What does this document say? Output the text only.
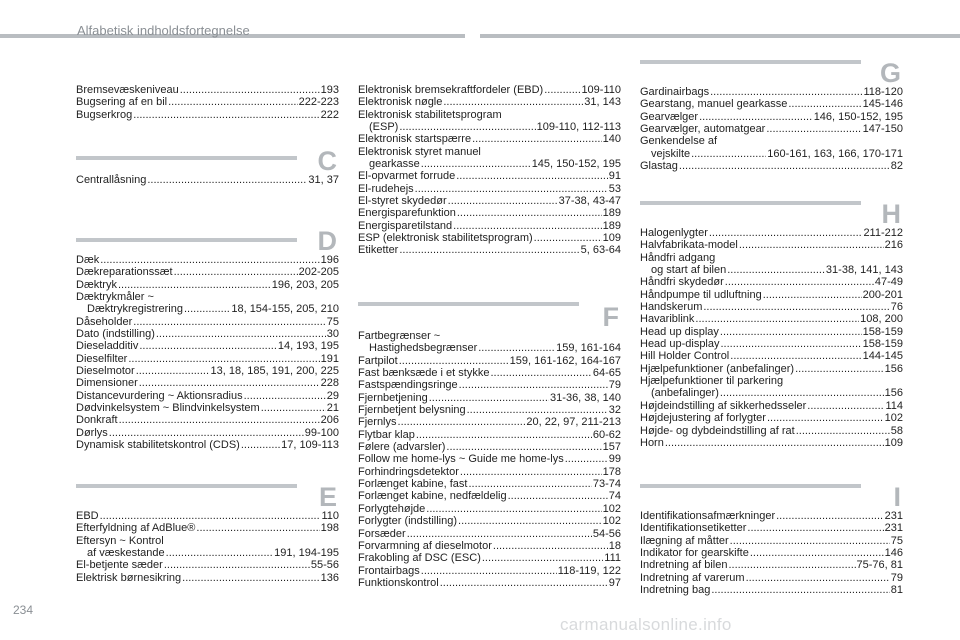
Alfabetisk indholdsfortegnelse
Bremsevæskeniveau .....	193
Bugsering af en bil .....	222-223
Bugserkrog .....	222
C
Centrallåsning .....	31, 37
D
Dæk .....	196
Dækreparationssæt .....	202-205
Dæktryk .....	196, 203, 205
Dæktrykmåler ~
Dæktrykregistrering .....	18, 154-155, 205, 210
Dåseholder .....	75
Dato (indstilling) .....	30
Dieseladditiv .....	14, 193, 195
Dieselfilter .....	191
Dieselmotor .....	13, 18, 185, 191, 200, 225
Dimensioner .....	228
Distancevurdering ~ Aktionsradius .....	29
Dødvinkelsystem ~ Blindvinkelsystem .....	21
Donkraft .....	206
Dørlys .....	99-100
Dynamisk stabilitetskontrol (CDS) .....	17, 109-113
E
EBD .....	110
Efterfyldning af AdBlue® .....	198
Eftersyn ~ Kontrol
af væskestande .....	191, 194-195
El-betjente sæder .....	55-56
Elektrisk børnesikring .....	136
Elektronisk bremsekraftfordeler (EBD) .....	109-110
Elektronisk nøgle .....	31, 143
Elektronisk stabilitetsprogram
(ESP) .....	109-110, 112-113
Elektronisk startspærre .....	140
Elektronisk styret manuel
gearkasse .....	145, 150-152, 195
El-opvarmet forrude .....	91
El-rudehejs .....	53
El-styret skydedør .....	37-38, 43-47
Energisparefunktion .....	189
Energisparetilstand .....	189
ESP (elektronisk stabilitetsprogram) .....	109
Etiketter .....	5, 63-64
F
Fartbegrænser ~
Hastighedsbegrænser .....	159, 161-164
Fartpilot .....	159, 161-162, 164-167
Fast bænksæde i et stykke .....	64-65
Fastspændingsringe .....	79
Fjernbetjening .....	31-36, 38, 140
Fjernbetjent belysning .....	32
Fjernlys .....	20, 22, 97, 211-213
Flytbar klap .....	60-62
Følere (advarsler) .....	157
Follow me home-lys ~ Guide me home-lys .....	99
Forhindringsdetektor .....	178
Forlænget kabine, fast .....	73-74
Forlænget kabine, nedfældelig .....	74
Forlygtehøjde .....	102
Forlygter (indstilling) .....	102
Forsæder .....	54-56
Forvarmning af dieselmotor .....	18
Frakobling af DSC (ESC) .....	111
Frontairbags .....	118-119, 122
Funktionskontrol .....	97
G
Gardinairbags .....	118-120
Gearstang, manuel gearkasse .....	145-146
Gearvælger .....	146, 150-152, 195
Gearvælger, automatgear .....	147-150
Genkendelse af
vejskilte .....	160-161, 163, 166, 170-171
Glastag .....	82
H
Halogenlygter .....	211-212
Halvfabrikata-model .....	216
Håndfri adgang
og start af bilen .....	31-38, 141, 143
Håndfri skydedør .....	47-49
Håndpumpe til udluftning .....	200-201
Handskerum .....	76
Havariblink .....	108, 200
Head up display .....	158-159
Head up-display .....	158-159
Hill Holder Control .....	144-145
Hjælpefunktioner (anbefalinger) .....	156
Hjælpefunktioner til parkering
(anbefalinger) .....	156
Højdeindstilling af sikkerhedsseler .....	114
Højdejustering af forlygter .....	102
Højde- og dybdeindstilling af rat .....	58
Horn .....	109
I
Identifikationsafmærkninger .....	231
Identifikationsetiketter .....	231
Ilægning af måtter .....	75
Indikator for gearskifte .....	146
Indretning af bilen .....	75-76, 81
Indretning af varerum .....	79
Indretning bag .....	81
234
carmanualsonline.info
